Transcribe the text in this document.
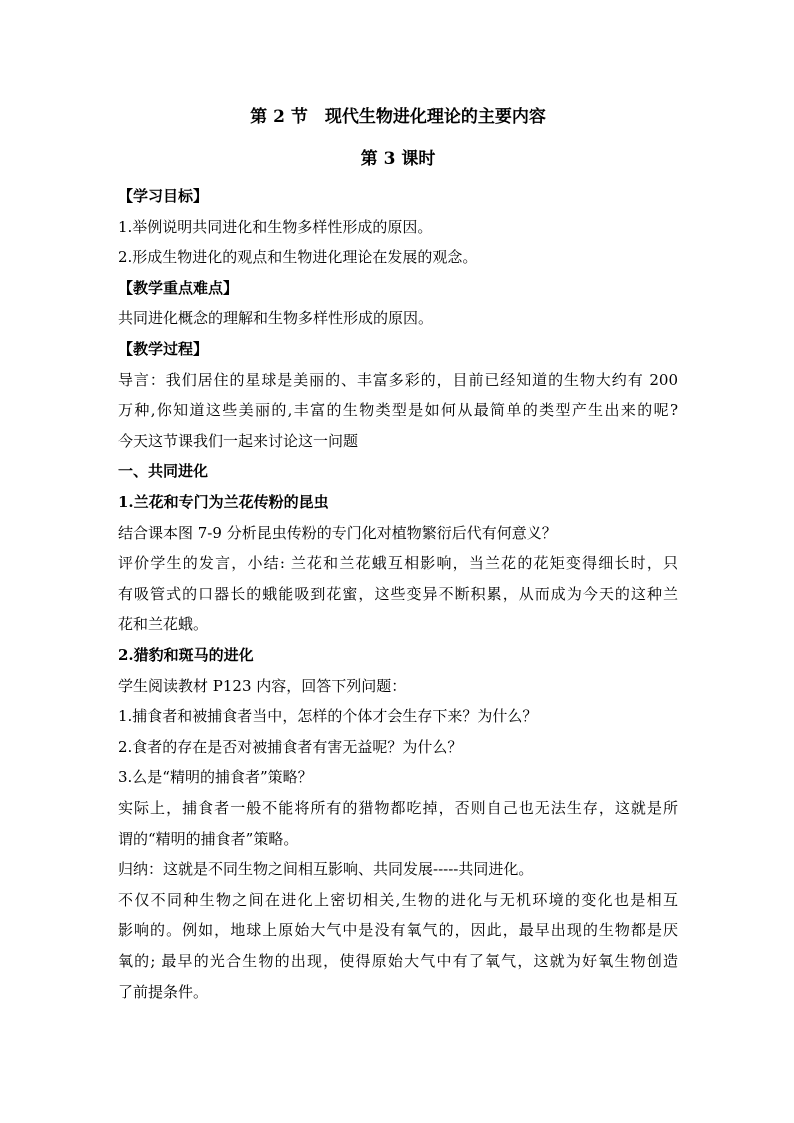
第 2 节　现代生物进化理论的主要内容
第 3 课时
【学习目标】
1.举例说明共同进化和生物多样性形成的原因。
2.形成生物进化的观点和生物进化理论在发展的观念。
【教学重点难点】
共同进化概念的理解和生物多样性形成的原因。
【教学过程】
导言：我们居住的星球是美丽的、丰富多彩的，目前已经知道的生物大约有 200
万种,你知道这些美丽的,丰富的生物类型是如何从最简单的类型产生出来的呢?
今天这节课我们一起来讨论这一问题
一、共同进化
1.兰花和专门为兰花传粉的昆虫
结合课本图 7-9 分析昆虫传粉的专门化对植物繁衍后代有何意义？
评价学生的发言，小结: 兰花和兰花蛾互相影响，当兰花的花矩变得细长时，只
有吸管式的口器长的蛾能吸到花蜜，这些变异不断积累，从而成为今天的这种兰
花和兰花蛾。
2.猎豹和斑马的进化
学生阅读教材 P123 内容，回答下列问题：
1.捕食者和被捕食者当中，怎样的个体才会生存下来？为什么？
2.食者的存在是否对被捕食者有害无益呢？为什么？
3.么是“精明的捕食者”策略？
实际上，捕食者一般不能将所有的猎物都吃掉，否则自己也无法生存，这就是所
谓的“精明的捕食者”策略。
归纳：这就是不同生物之间相互影响、共同发展-----共同进化。
不仅不同种生物之间在进化上密切相关,生物的进化与无机环境的变化也是相互
影响的。例如，地球上原始大气中是没有氧气的，因此，最早出现的生物都是厌
氧的; 最早的光合生物的出现，使得原始大气中有了氧气，这就为好氧生物创造
了前提条件。
